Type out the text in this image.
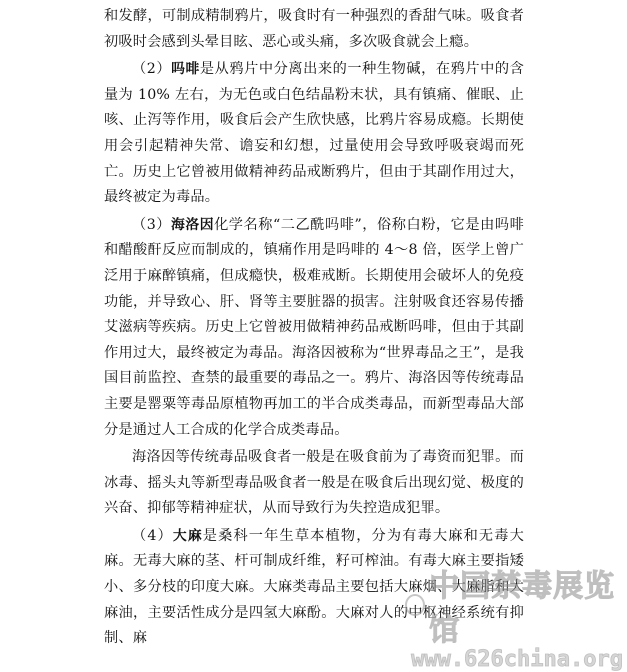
和发酵，可制成精制鸦片，吸食时有一种强烈的香甜气味。吸食者初吸时会感到头晕目眩、恶心或头痛，多次吸食就会上瘾。

（2）吗啡是从鸦片中分离出来的一种生物碱，在鸦片中的含量为 10% 左右，为无色或白色结晶粉末状，具有镇痛、催眠、止咳、止泻等作用，吸食后会产生欣快感，比鸦片容易成瘾。长期使用会引起精神失常、谵妄和幻想，过量使用会导致呼吸衰竭而死亡。历史上它曾被用做精神药品戒断鸦片，但由于其副作用过大，最终被定为毒品。

（3）海洛因化学名称“二乙酰吗啡”，俗称白粉，它是由吗啡和醋酸酐反应而制成的，镇痛作用是吗啡的 4～8 倍，医学上曾广泛用于麻醉镇痛，但成瘾快，极难戒断。长期使用会破坏人的免疫功能，并导致心、肝、肾等主要脏器的损害。注射吸食还容易传播艾滋病等疾病。历史上它曾被用做精神药品戒断吗啡，但由于其副作用过大，最终被定为毒品。海洛因被称为“世界毒品之王”，是我国目前监控、查禁的最重要的毒品之一。鸦片、海洛因等传统毒品主要是罂粟等毒品原植物再加工的半合成类毒品，而新型毒品大部分是通过人工合成的化学合成类毒品。

海洛因等传统毒品吸食者一般是在吸食前为了毒资而犯罪。而冰毒、摇头丸等新型毒品吸食者一般是在吸食后出现幻觉、极度的兴奋、抑郁等精神症状，从而导致行为失控造成犯罪。

（4）大麻是桑科一年生草本植物，分为有毒大麻和无毒大麻。无毒大麻的茎、杆可制成纤维，籽可榨油。有毒大麻主要指矮小、多分枝的印度大麻。大麻类毒品主要包括大麻烟、大麻脂和大麻油，主要活性成分是四氢大麻酚。大麻对人的中枢神经系统有抑制、麻

中国禁毒展览馆
www.626china.org
